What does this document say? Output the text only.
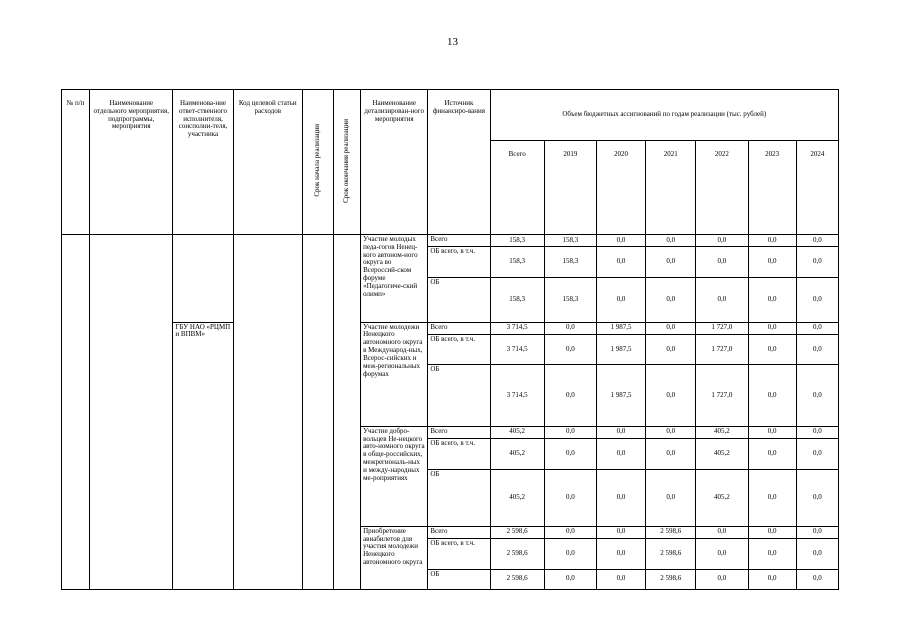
13
№ п/п	Наименование отдельного мероприятия, подпрограммы, мероприятия	Наименова-ние ответ-ственного исполнителя, соисполни-теля, участника	Код целевой статьи расходов	Срок начала реализации	Срок окончания реализации	Наименование детализирован-ного мероприятия	Источник финансиро-вания	Объем бюджетных ассигнований по годам реализации (тыс. рублей)						
								Всего	2019	2020	2021	2022	2023	2024
						Участие молодых педа-гогов Ненец-кого автоном-ного округа во Всероссий-ском форуме «Педагогиче-ский олимп»	Всего	158,3	158,3	0,0	0,0	0,0	0,0	0,0
							ОБ всего, в т.ч.	158,3	158,3	0,0	0,0	0,0	0,0	0,0
							ОБ	158,3	158,3	0,0	0,0	0,0	0,0	0,0
		ГБУ НАО «РЦМП и ВПВМ»				Участие молодежи Ненецкого автономного округа в Международ-ных, Всерос-сийских и меж-региональных форумах	Всего	3 714,5	0,0	1 987,5	0,0	1 727,0	0,0	0,0
							ОБ всего, в т.ч.	3 714,5	0,0	1 987,5	0,0	1 727,0	0,0	0,0
							ОБ	3 714,5	0,0	1 987,5	0,0	1 727,0	0,0	0,0
						Участие добро-вольцев Не-нецкого авто-номного округа в обще-российских, межрегиональ-ных и между-народных ме-роприятиях	Всего	405,2	0,0	0,0	0,0	405,2	0,0	0,0
							ОБ всего, в т.ч.	405,2	0,0	0,0	0,0	405,2	0,0	0,0
							ОБ	405,2	0,0	0,0	0,0	405,2	0,0	0,0
						Приобретение авиабилетов для участия молодежи Ненецкого автономного округа	Всего	2 598,6	0,0	0,0	2 598,6	0,0	0,0	0,0
							ОБ всего, в т.ч.	2 598,6	0,0	0,0	2 598,6	0,0	0,0	0,0
							ОБ	2 598,6	0,0	0,0	2 598,6	0,0	0,0	0,0
